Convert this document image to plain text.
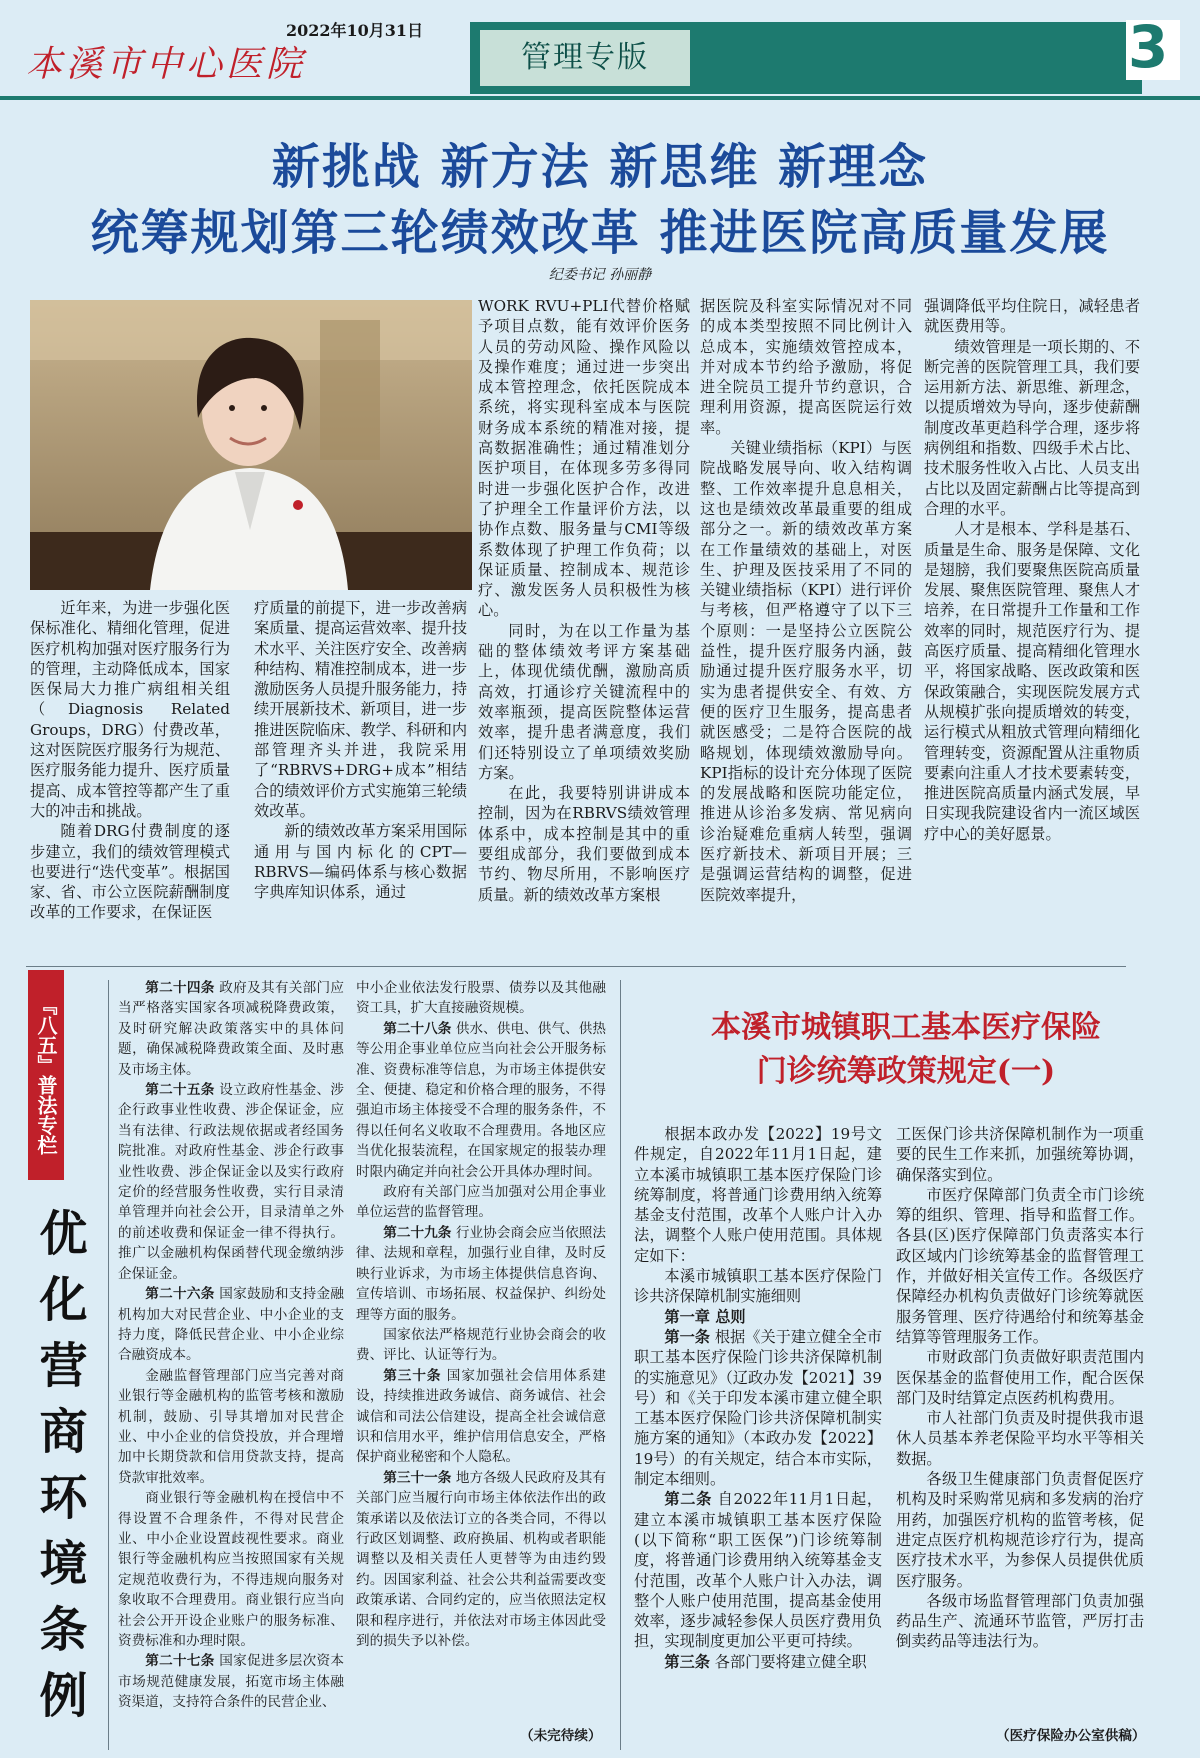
本溪市中心医院
2022年10月31日
管理专版	3
新挑战 新方法 新思维 新理念
统筹规划第三轮绩效改革 推进医院高质量发展
纪委书记 孙丽静

近年来，为进一步强化医保标准化、精细化管理，促进医疗机构加强对医疗服务行为的管理，主动降低成本，国家医保局大力推广病组相关组（Diagnosis Related Groups，DRG）付费改革，这对医院医疗服务行为规范、医疗服务能力提升、医疗质量提高、成本管控等都产生了重大的冲击和挑战。

随着DRG付费制度的逐步建立，我们的绩效管理模式也要进行“迭代变革”。根据国家、省、市公立医院薪酬制度改革的工作要求，在保证医

疗质量的前提下，进一步改善病案质量、提高运营效率、提升技术水平、关注医疗安全、改善病种结构、精准控制成本，进一步激励医务人员提升服务能力，持续开展新技术、新项目，进一步推进医院临床、教学、科研和内部管理齐头并进，我院采用了“RBRVS+DRG+成本”相结合的绩效评价方式实施第三轮绩效改革。

新的绩效改革方案采用国际通用与国内标化的CPT—RBRVS—编码体系与核心数据字典库知识体系，通过

WORK RVU+PLI代替价格赋予项目点数，能有效评价医务人员的劳动风险、操作风险以及操作难度；通过进一步突出成本管控理念，依托医院成本系统，将实现科室成本与医院财务成本系统的精准对接，提高数据准确性；通过精准划分医护项目，在体现多劳多得同时进一步强化医护合作，改进了护理全工作量评价方法，以协作点数、服务量与CMI等级系数体现了护理工作负荷；以保证质量、控制成本、规范诊疗、激发医务人员积极性为核心。

同时，为在以工作量为基础的整体绩效考评方案基础上，体现优绩优酬，激励高质高效，打通诊疗关键流程中的效率瓶颈，提高医院整体运营效率，提升患者满意度，我们们还特别设立了单项绩效奖励方案。

在此，我要特别讲讲成本控制，因为在RBRVS绩效管理体系中，成本控制是其中的重要组成部分，我们要做到成本节约、物尽所用，不影响医疗质量。新的绩效改革方案根

据医院及科室实际情况对不同的成本类型按照不同比例计入总成本，实施绩效管控成本，并对成本节约给予激励，将促进全院员工提升节约意识，合理利用资源，提高医院运行效率。

关键业绩指标（KPI）与医院战略发展导向、收入结构调整、工作效率提升息息相关，这也是绩效改革最重要的组成部分之一。新的绩效改革方案在工作量绩效的基础上，对医生、护理及医技采用了不同的关键业绩指标（KPI）进行评价与考核，但严格遵守了以下三个原则：一是坚持公立医院公益性，提升医疗服务内涵，鼓励通过提升医疗服务水平，切实为患者提供安全、有效、方便的医疗卫生服务，提高患者就医感受；二是符合医院的战略规划，体现绩效激励导向。KPI指标的设计充分体现了医院的发展战略和医院功能定位，推进从诊治多发病、常见病向诊治疑难危重病人转型，强调医疗新技术、新项目开展；三是强调运营结构的调整，促进医院效率提升，

强调降低平均住院日，减轻患者就医费用等。

绩效管理是一项长期的、不断完善的医院管理工具，我们要运用新方法、新思维、新理念，以提质增效为导向，逐步使薪酬制度改革更趋科学合理，逐步将病例组和指数、四级手术占比、技术服务性收入占比、人员支出占比以及固定薪酬占比等提高到合理的水平。

人才是根本、学科是基石、质量是生命、服务是保障、文化是翅膀，我们要聚焦医院高质量发展、聚焦医院管理、聚焦人才培养，在日常提升工作量和工作效率的同时，规范医疗行为、提高医疗质量、提高精细化管理水平，将国家战略、医改政策和医保政策融合，实现医院发展方式从规模扩张向提质增效的转变，运行模式从粗放式管理向精细化管理转变，资源配置从注重物质要素向注重人才技术要素转变，推进医院高质量内涵式发展，早日实现我院建设省内一流区域医疗中心的美好愿景。

『八五』普法专栏
优化营商环境条例

第二十四条 政府及其有关部门应当严格落实国家各项减税降费政策，及时研究解决政策落实中的具体问题，确保减税降费政策全面、及时惠及市场主体。

第二十五条 设立政府性基金、涉企行政事业性收费、涉企保证金，应当有法律、行政法规依据或者经国务院批准。对政府性基金、涉企行政事业性收费、涉企保证金以及实行政府定价的经营服务性收费，实行目录清单管理并向社会公开，目录清单之外的前述收费和保证金一律不得执行。推广以金融机构保函替代现金缴纳涉企保证金。

第二十六条 国家鼓励和支持金融机构加大对民营企业、中小企业的支持力度，降低民营企业、中小企业综合融资成本。

金融监督管理部门应当完善对商业银行等金融机构的监管考核和激励机制，鼓励、引导其增加对民营企业、中小企业的信贷投放，并合理增加中长期贷款和信用贷款支持，提高贷款审批效率。

商业银行等金融机构在授信中不得设置不合理条件，不得对民营企业、中小企业设置歧视性要求。商业银行等金融机构应当按照国家有关规定规范收费行为，不得违规向服务对象收取不合理费用。商业银行应当向社会公开开设企业账户的服务标准、资费标准和办理时限。

第二十七条 国家促进多层次资本市场规范健康发展，拓宽市场主体融资渠道，支持符合条件的民营企业、

中小企业依法发行股票、债券以及其他融资工具，扩大直接融资规模。

第二十八条 供水、供电、供气、供热等公用企事业单位应当向社会公开服务标准、资费标准等信息，为市场主体提供安全、便捷、稳定和价格合理的服务，不得强迫市场主体接受不合理的服务条件，不得以任何名义收取不合理费用。各地区应当优化报装流程，在国家规定的报装办理时限内确定并向社会公开具体办理时间。

政府有关部门应当加强对公用企事业单位运营的监督管理。

第二十九条 行业协会商会应当依照法律、法规和章程，加强行业自律，及时反映行业诉求，为市场主体提供信息咨询、宣传培训、市场拓展、权益保护、纠纷处理等方面的服务。

国家依法严格规范行业协会商会的收费、评比、认证等行为。

第三十条 国家加强社会信用体系建设，持续推进政务诚信、商务诚信、社会诚信和司法公信建设，提高全社会诚信意识和信用水平，维护信用信息安全，严格保护商业秘密和个人隐私。

第三十一条 地方各级人民政府及其有关部门应当履行向市场主体依法作出的政策承诺以及依法订立的各类合同，不得以行政区划调整、政府换届、机构或者职能调整以及相关责任人更替等为由违约毁约。因国家利益、社会公共利益需要改变政策承诺、合同约定的，应当依照法定权限和程序进行，并依法对市场主体因此受到的损失予以补偿。

（未完待续）
本溪市城镇职工基本医疗保险
门诊统筹政策规定(一)

根据本政办发【2022】19号文件规定，自2022年11月1日起，建立本溪市城镇职工基本医疗保险门诊统筹制度，将普通门诊费用纳入统筹基金支付范围，改革个人账户计入办法，调整个人账户使用范围。具体规定如下：

本溪市城镇职工基本医疗保险门诊共济保障机制实施细则

第一章 总则

第一条 根据《关于建立健全全市职工基本医疗保险门诊共济保障机制的实施意见》（辽政办发【2021】39号）和《关于印发本溪市建立健全职工基本医疗保险门诊共济保障机制实施方案的通知》（本政办发【2022】19号）的有关规定，结合本市实际，制定本细则。

第二条 自2022年11月1日起，建立本溪市城镇职工基本医疗保险(以下简称“职工医保”)门诊统筹制度，将普通门诊费用纳入统筹基金支付范围，改革个人账户计入办法，调整个人账户使用范围，提高基金使用效率，逐步减轻参保人员医疗费用负担，实现制度更加公平更可持续。

第三条 各部门要将建立健全职

工医保门诊共济保障机制作为一项重要的民生工作来抓，加强统筹协调，确保落实到位。

市医疗保障部门负责全市门诊统筹的组织、管理、指导和监督工作。各县(区)医疗保障部门负责落实本行政区域内门诊统筹基金的监督管理工作，并做好相关宣传工作。各级医疗保障经办机构负责做好门诊统筹就医服务管理、医疗待遇给付和统筹基金结算等管理服务工作。

市财政部门负责做好职责范围内医保基金的监督使用工作，配合医保部门及时结算定点医药机构费用。

市人社部门负责及时提供我市退休人员基本养老保险平均水平等相关数据。

各级卫生健康部门负责督促医疗机构及时采购常见病和多发病的治疗用药，加强医疗机构的监管考核，促进定点医疗机构规范诊疗行为，提高医疗技术水平，为参保人员提供优质医疗服务。

各级市场监督管理部门负责加强药品生产、流通环节监管，严厉打击倒卖药品等违法行为。

（医疗保险办公室供稿）
